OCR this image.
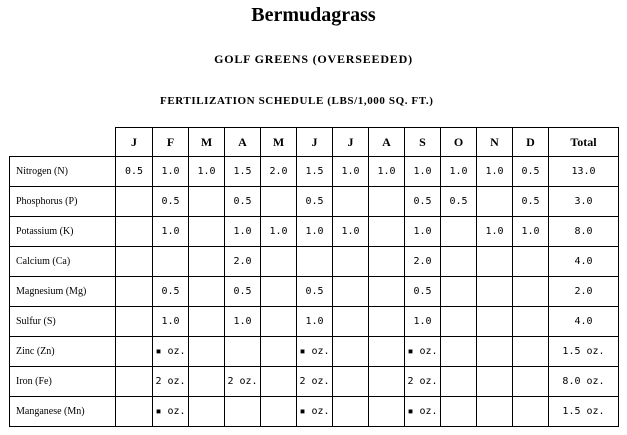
Bermudagrass
GOLF GREENS (OVERSEEDED)
FERTILIZATION SCHEDULE (LBS/1,000 SQ. FT.)
	J	F	M	A	M	J	J	A	S	O	N	D	Total
Nitrogen (N)	0.5	1.0	1.0	1.5	2.0	1.5	1.0	1.0	1.0	1.0	1.0	0.5	13.0
Phosphorus (P)		0.5		0.5		0.5			0.5	0.5		0.5	3.0
Potassium (K)		1.0		1.0	1.0	1.0	1.0		1.0		1.0	1.0	8.0
Calcium (Ca)				2.0					2.0				4.0
Magnesium (Mg)		0.5		0.5		0.5			0.5				2.0
Sulfur (S)		1.0		1.0		1.0			1.0				4.0
Zinc (Zn)		▪ oz.				▪ oz.			▪ oz.				1.5 oz.
Iron (Fe)		2 oz.		2 oz.		2 oz.			2 oz.				8.0 oz.
Manganese (Mn)		▪ oz.				▪ oz.			▪ oz.				1.5 oz.
